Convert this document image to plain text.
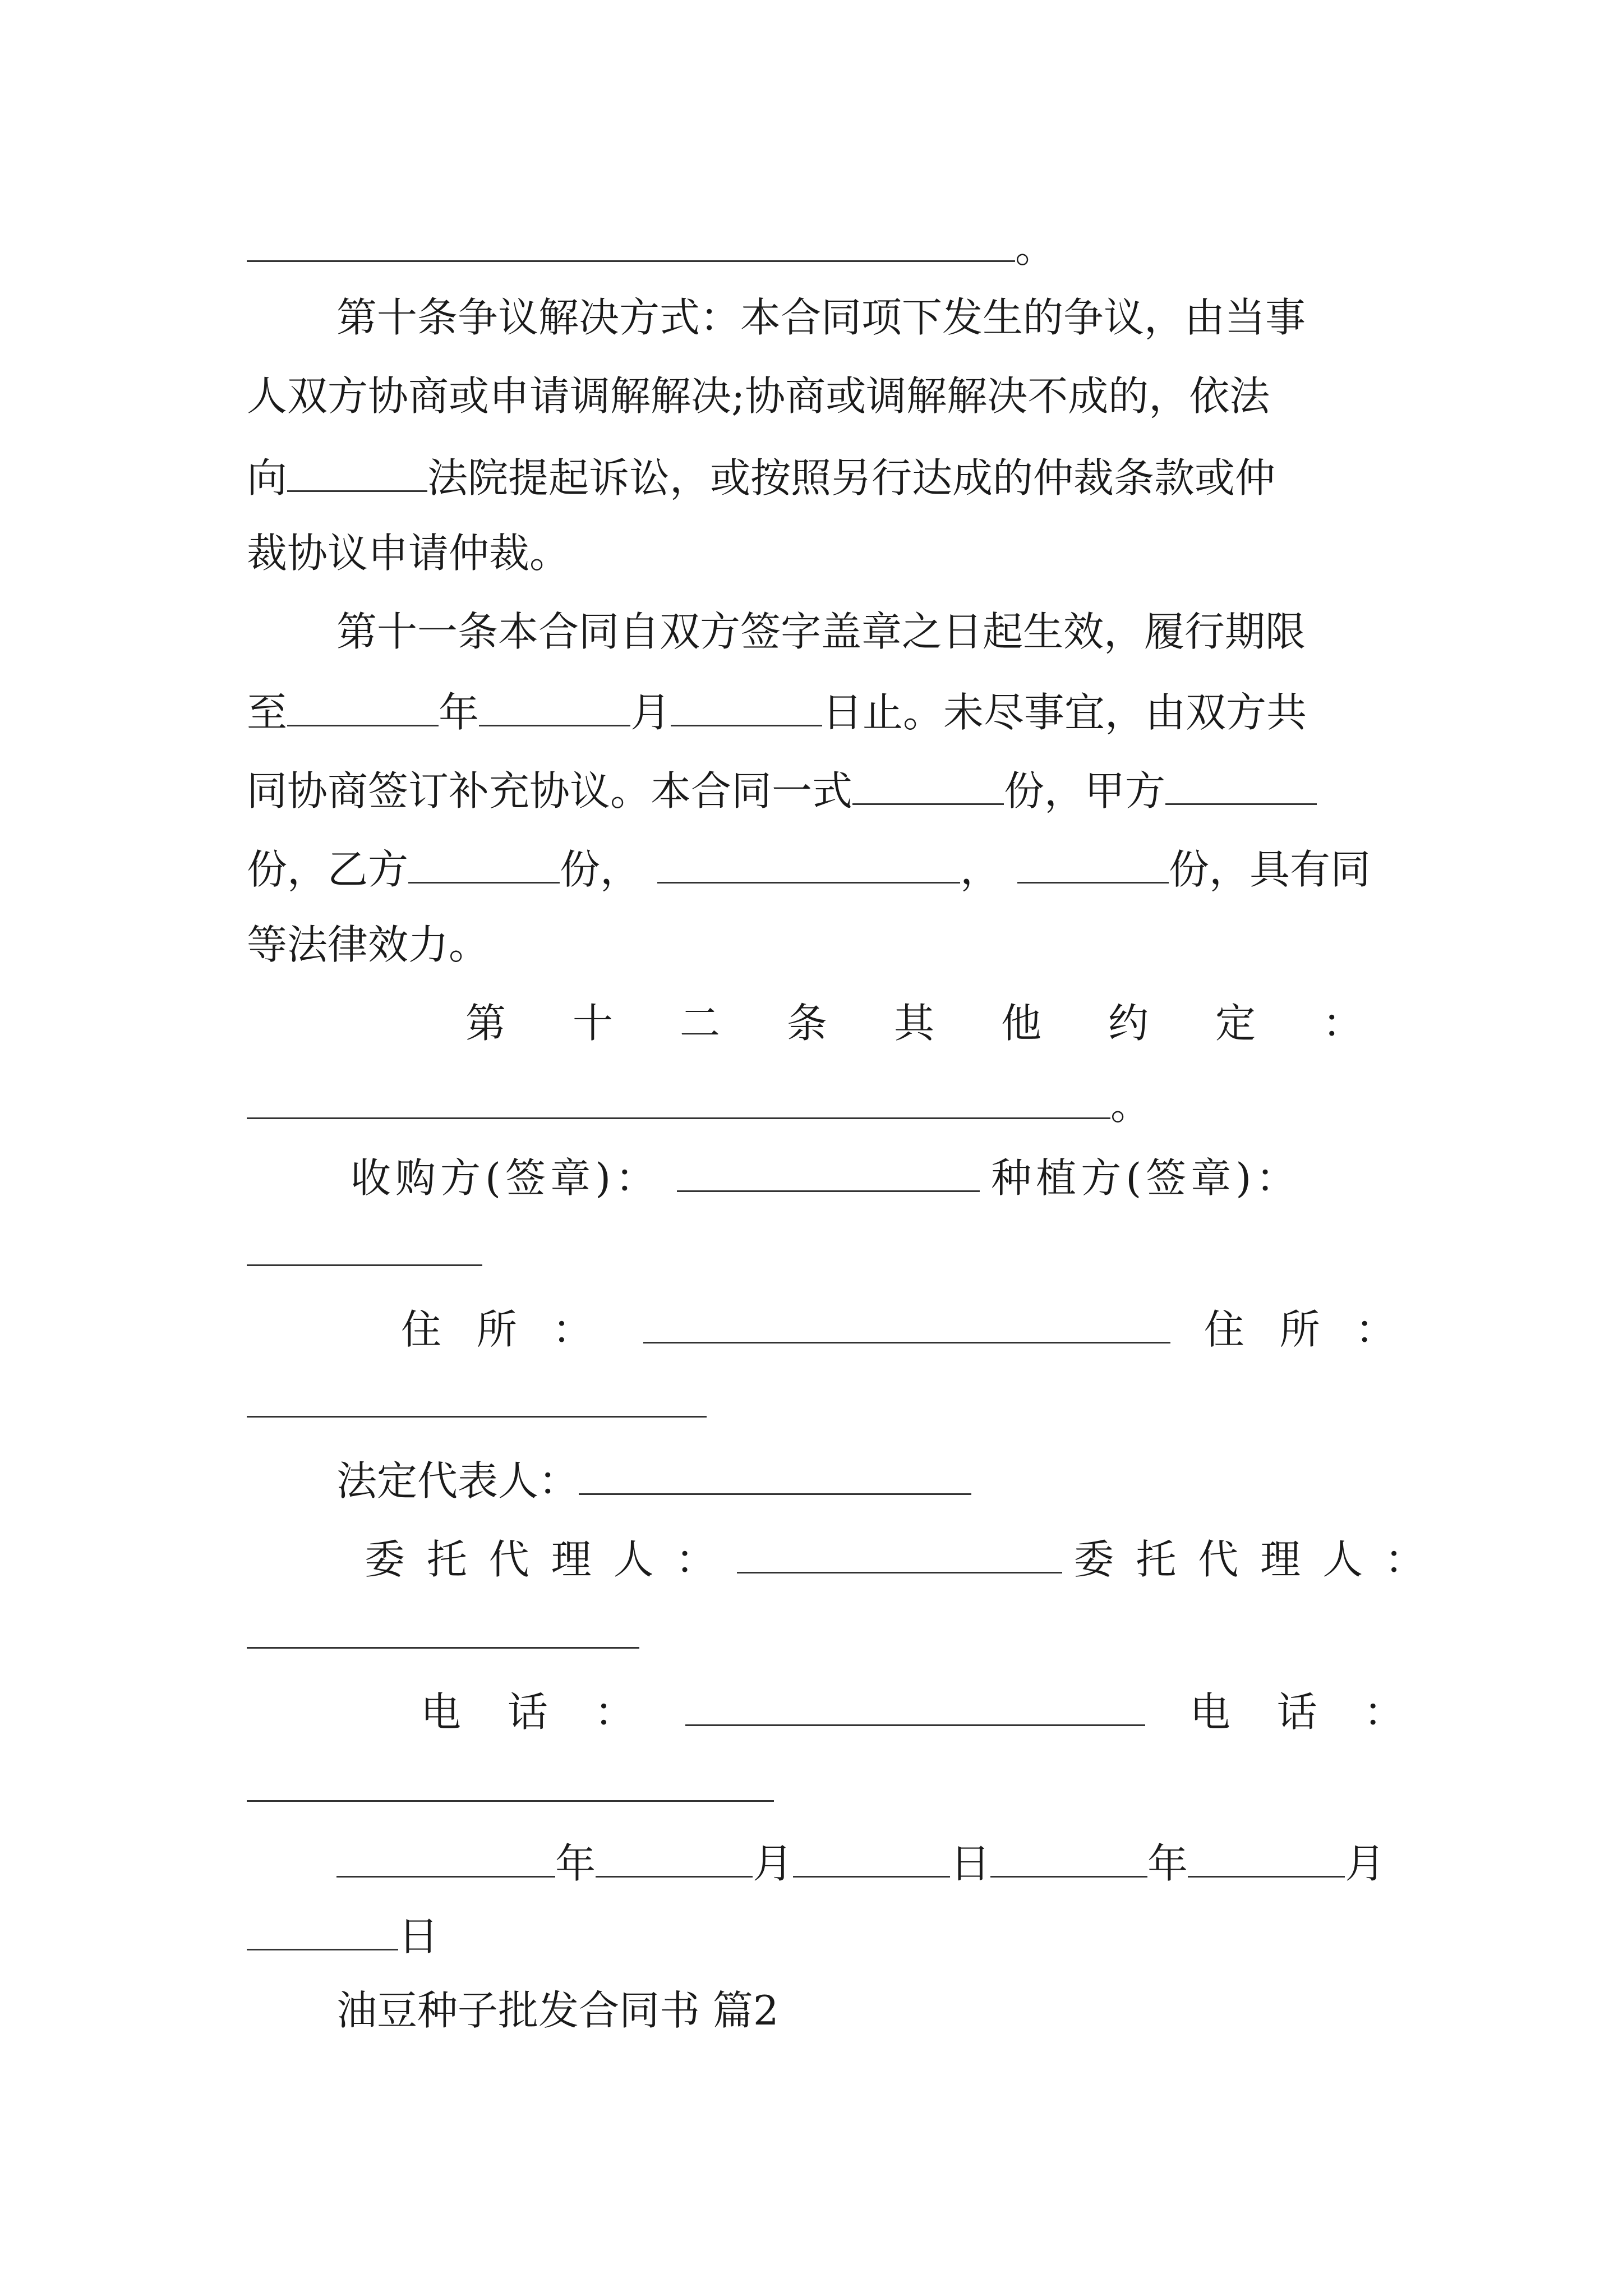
。
第十条争议解决方式：本合同项下发生的争议，由当事
人双方协商或申请调解解决;协商或调解解决不成的，依法
向	法院提起诉讼，或按照另行达成的仲裁条款或仲
裁协议申请仲裁。
第十一条本合同自双方签字盖章之日起生效，履行期限
至	年	月	日止。未尽事宜，由双方共
同协商签订补充协议。本合同一式	份，甲方
份，乙方	份，	，	份，具有同
等法律效力。
第 十 二 条 其 他 约 定 ：
。
收购方(签章)：	种植方(签章)：
住 所 ：	住 所 ：
法定代表人：
委 托 代 理 人 ：	委 托 代 理 人 ：
电 话 ：	电 话 ：
年	月	日	年	月
日
油豆种子批发合同书 篇2
